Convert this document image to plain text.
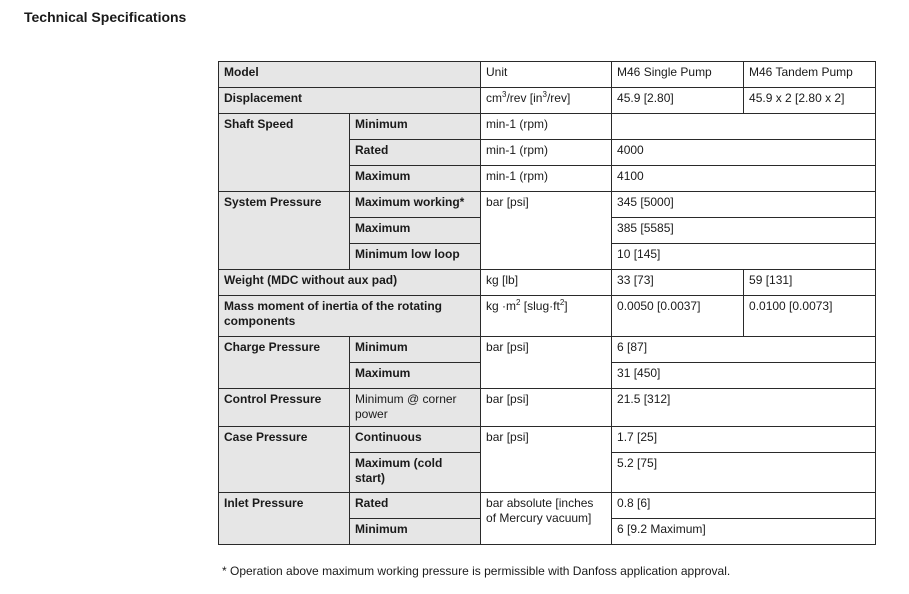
Technical Specifications
Model		Unit	M46 Single Pump	M46 Tandem Pump
Displacement		$cm^3$/rev $[in^3/rev]$	45.9 [2.80]	45.9 x 2 [2.80 x 2]
Shaft Speed	Minimum	min-1 (rpm)		
	Rated	min-1 (rpm)	4000	
	Maximum	min-1 (rpm)	4100	
System Pressure	Maximum working*	bar [psi]	345 [5000]	
	Maximum		385 [5585]	
	Minimum low loop		10 [145]	
Weight (MDC without aux pad)		kg [lb]	33 [73]	59 [131]
Mass moment of inertia of the rotating components		kg $\cdot m^2$ $[slug\cdot ft^2]$	0.0050 [0.0037]	0.0100 [0.0073]
Charge Pressure	Minimum	bar [psi]	6 [87]	
	Maximum		31 [450]	
Control Pressure	Minimum @ corner power	bar [psi]	21.5 [312]	
Case Pressure	Continuous	bar [psi]	1.7 [25]	
	Maximum (cold start)		5.2 [75]	
Inlet Pressure	Rated	bar absolute [inches of Mercury vacuum]	0.8 [6]	
	Minimum		6 [9.2 Maximum]	
* Operation above maximum working pressure is permissible with Danfoss application approval.
